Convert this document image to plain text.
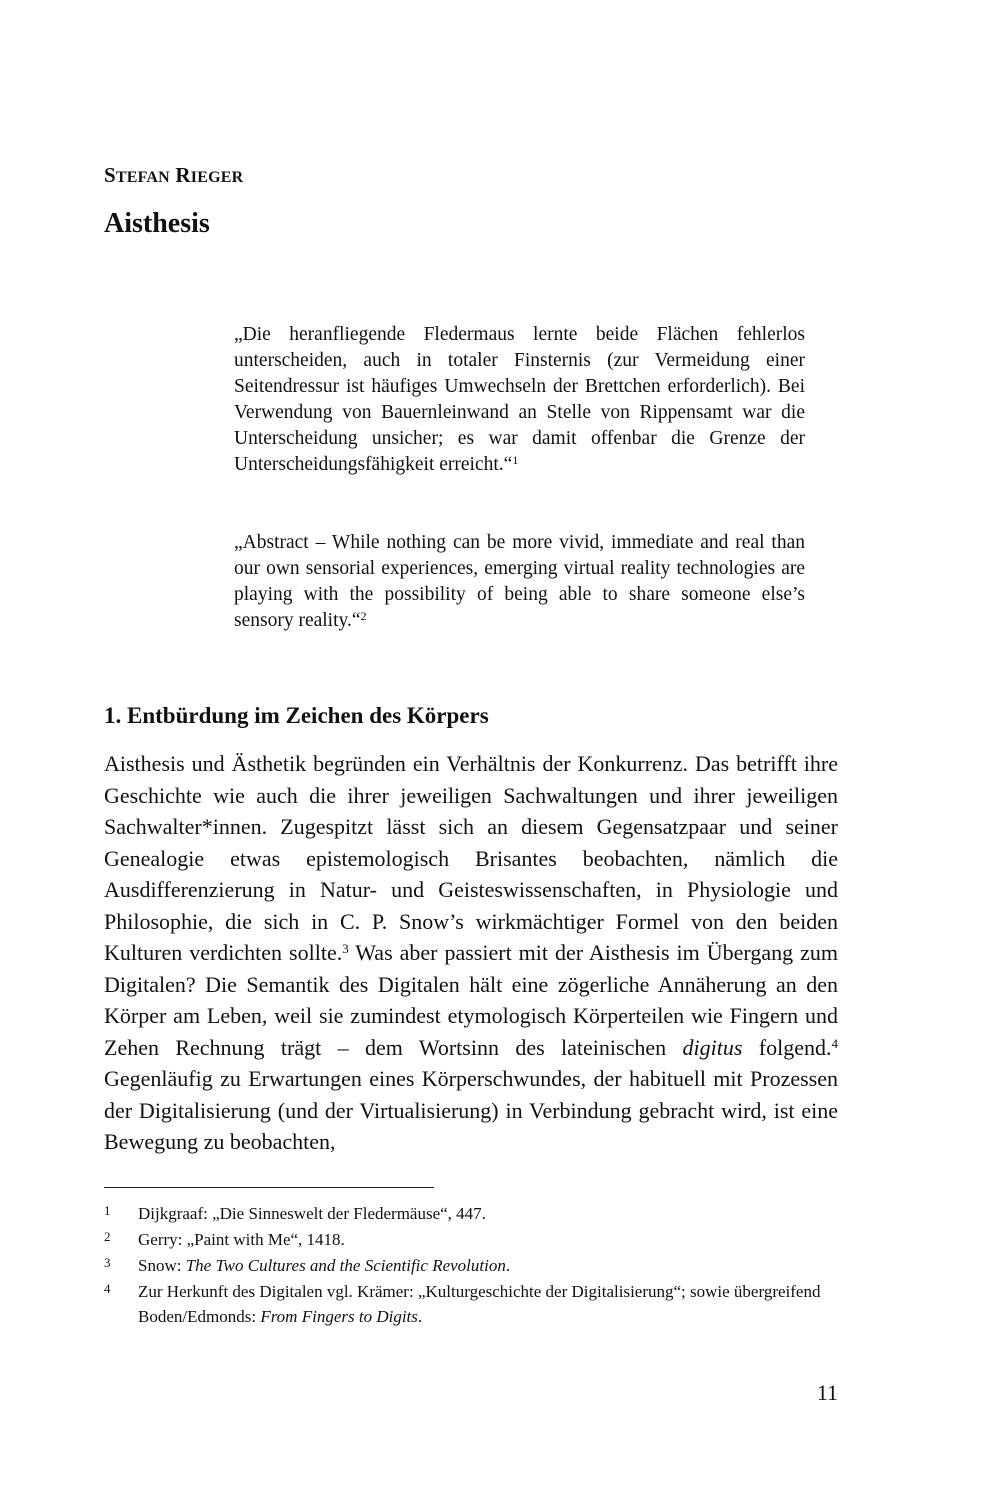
STEFAN RIEGER
Aisthesis

„Die heranfliegende Fledermaus lernte beide Flächen fehlerlos unterscheiden, auch in totaler Finsternis (zur Vermeidung einer Seitendressur ist häufiges Umwechseln der Brettchen erforderlich). Bei Verwendung von Bauernleinwand an Stelle von Rippensamt war die Unterscheidung unsicher; es war damit offenbar die Grenze der Unterscheidungsfähigkeit erreicht.“$^1$

„Abstract – While nothing can be more vivid, immediate and real than our own sensorial experiences, emerging virtual reality technologies are playing with the possibility of being able to share someone else’s sensory reality.“$^2$

1. Entbürdung im Zeichen des Körpers

Aisthesis und Ästhetik begründen ein Verhältnis der Konkurrenz. Das betrifft ihre Geschichte wie auch die ihrer jeweiligen Sachwaltungen und ihrer jeweiligen Sachwalter*innen. Zugespitzt lässt sich an diesem Gegensatzpaar und seiner Genealogie etwas epistemologisch Brisantes beobachten, nämlich die Ausdifferenzierung in Natur- und Geisteswissenschaften, in Physiologie und Philosophie, die sich in C. P. Snow’s wirkmächtiger Formel von den beiden Kulturen verdichten sollte.$^3$ Was aber passiert mit der Aisthesis im Übergang zum Digitalen? Die Semantik des Digitalen hält eine zögerliche Annäherung an den Körper am Leben, weil sie zumindest etymologisch Körperteilen wie Fingern und Zehen Rechnung trägt – dem Wortsinn des lateinischen digitus folgend.$^4$ Gegenläufig zu Erwartungen eines Körperschwundes, der habituell mit Prozessen der Digitalisierung (und der Virtualisierung) in Verbindung gebracht wird, ist eine Bewegung zu beobachten,

1 Dijkgraaf: „Die Sinneswelt der Fledermäuse“, 447.
2 Gerry: „Paint with Me“, 1418.
3 Snow: The Two Cultures and the Scientific Revolution.
4 Zur Herkunft des Digitalen vgl. Krämer: „Kulturgeschichte der Digitalisierung“; sowie übergreifend Boden/Edmonds: From Fingers to Digits.
11
